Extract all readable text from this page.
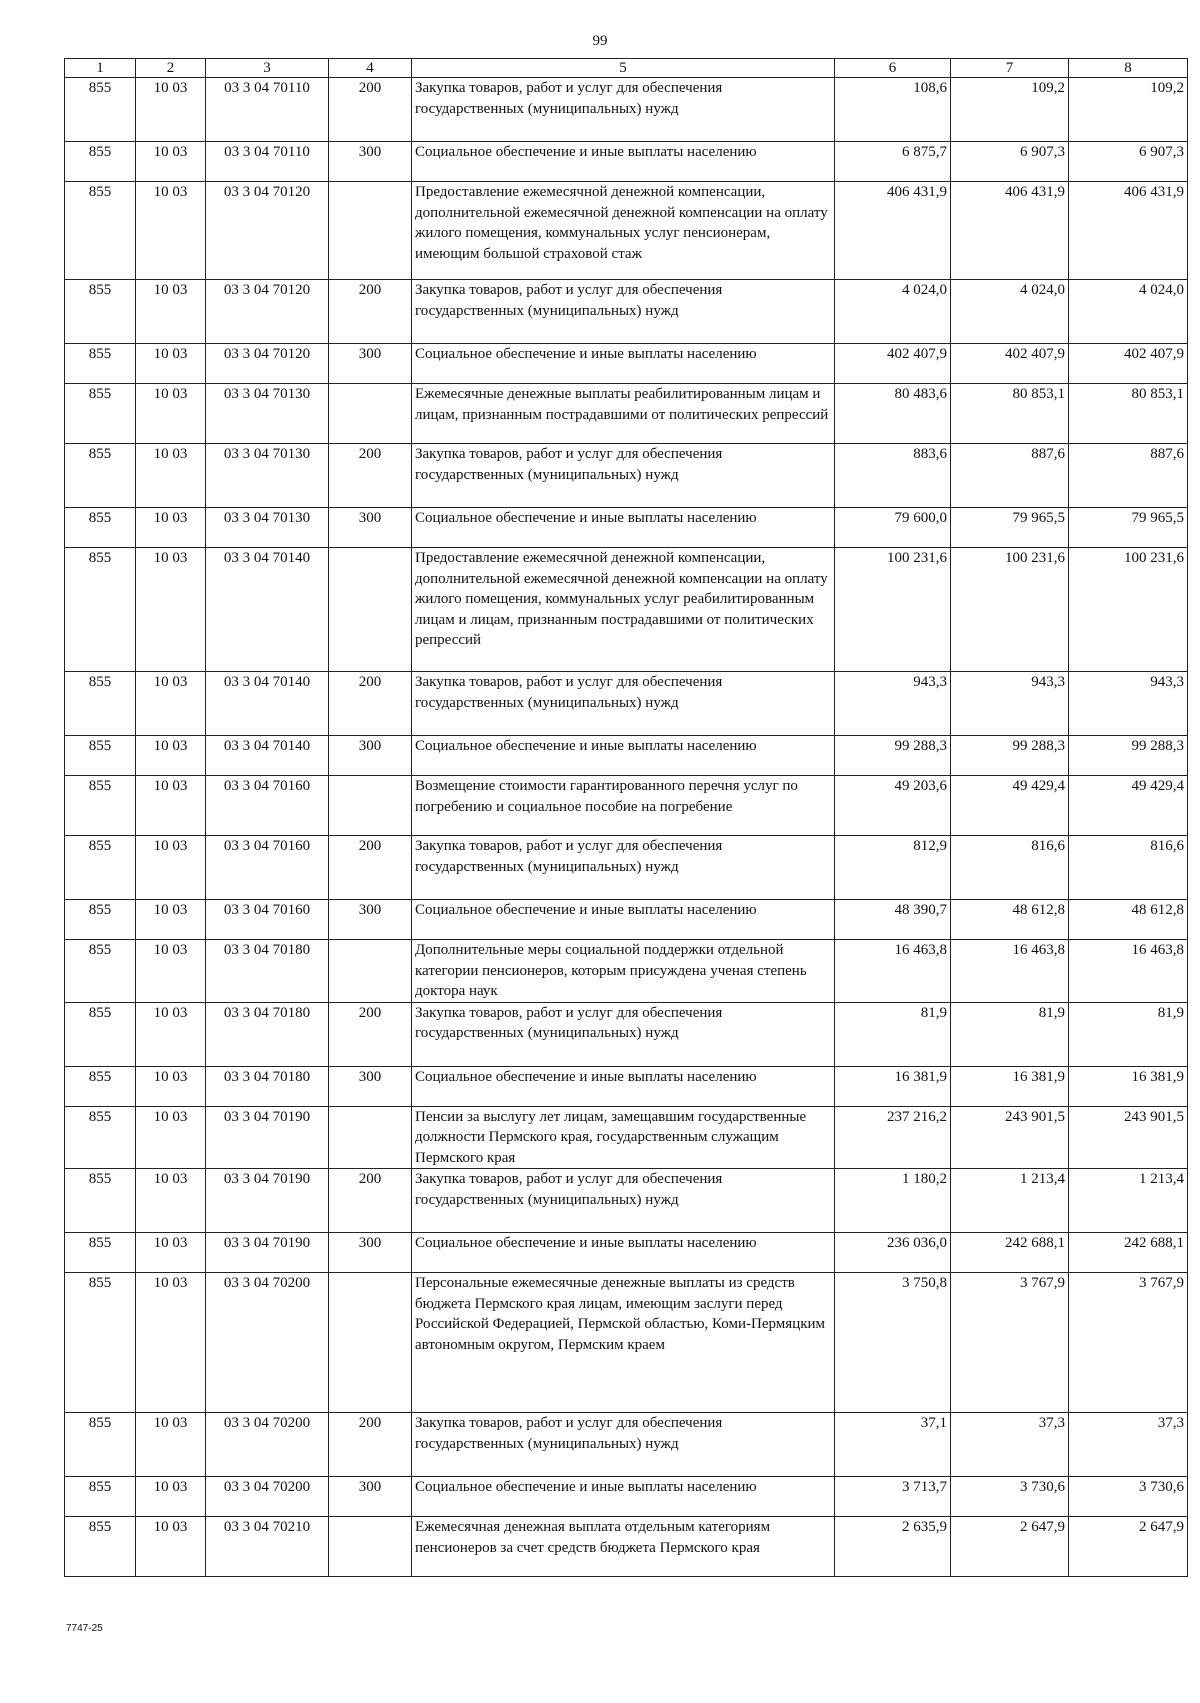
99
1	2	3	4	5	6	7	8
855	10 03	03 3 04 70110	200	Закупка товаров, работ и услуг для обеспечения государственных (муниципальных) нужд	108,6	109,2	109,2
855	10 03	03 3 04 70110	300	Социальное обеспечение и иные выплаты населению	6 875,7	6 907,3	6 907,3
855	10 03	03 3 04 70120		Предоставление ежемесячной денежной компенсации, дополнительной ежемесячной денежной компенсации на оплату жилого помещения, коммунальных услуг пенсионерам, имеющим большой страховой стаж	406 431,9	406 431,9	406 431,9
855	10 03	03 3 04 70120	200	Закупка товаров, работ и услуг для обеспечения государственных (муниципальных) нужд	4 024,0	4 024,0	4 024,0
855	10 03	03 3 04 70120	300	Социальное обеспечение и иные выплаты населению	402 407,9	402 407,9	402 407,9
855	10 03	03 3 04 70130		Ежемесячные денежные выплаты реабилитированным лицам и лицам, признанным пострадавшими от политических репрессий	80 483,6	80 853,1	80 853,1
855	10 03	03 3 04 70130	200	Закупка товаров, работ и услуг для обеспечения государственных (муниципальных) нужд	883,6	887,6	887,6
855	10 03	03 3 04 70130	300	Социальное обеспечение и иные выплаты населению	79 600,0	79 965,5	79 965,5
855	10 03	03 3 04 70140		Предоставление ежемесячной денежной компенсации, дополнительной ежемесячной денежной компенсации на оплату жилого помещения, коммунальных услуг реабилитированным лицам и лицам, признанным пострадавшими от политических репрессий	100 231,6	100 231,6	100 231,6
855	10 03	03 3 04 70140	200	Закупка товаров, работ и услуг для обеспечения государственных (муниципальных) нужд	943,3	943,3	943,3
855	10 03	03 3 04 70140	300	Социальное обеспечение и иные выплаты населению	99 288,3	99 288,3	99 288,3
855	10 03	03 3 04 70160		Возмещение стоимости гарантированного перечня услуг по погребению и социальное пособие на погребение	49 203,6	49 429,4	49 429,4
855	10 03	03 3 04 70160	200	Закупка товаров, работ и услуг для обеспечения государственных (муниципальных) нужд	812,9	816,6	816,6
855	10 03	03 3 04 70160	300	Социальное обеспечение и иные выплаты населению	48 390,7	48 612,8	48 612,8
855	10 03	03 3 04 70180		Дополнительные меры социальной поддержки отдельной категории пенсионеров, которым присуждена ученая степень доктора наук	16 463,8	16 463,8	16 463,8
855	10 03	03 3 04 70180	200	Закупка товаров, работ и услуг для обеспечения государственных (муниципальных) нужд	81,9	81,9	81,9
855	10 03	03 3 04 70180	300	Социальное обеспечение и иные выплаты населению	16 381,9	16 381,9	16 381,9
855	10 03	03 3 04 70190		Пенсии за выслугу лет лицам, замещавшим государственные должности Пермского края, государственным служащим Пермского края	237 216,2	243 901,5	243 901,5
855	10 03	03 3 04 70190	200	Закупка товаров, работ и услуг для обеспечения государственных (муниципальных) нужд	1 180,2	1 213,4	1 213,4
855	10 03	03 3 04 70190	300	Социальное обеспечение и иные выплаты населению	236 036,0	242 688,1	242 688,1
855	10 03	03 3 04 70200		Персональные ежемесячные денежные выплаты из средств бюджета Пермского края лицам, имеющим заслуги перед Российской Федерацией, Пермской областью, Коми-Пермяцким автономным округом, Пермским краем	3 750,8	3 767,9	3 767,9
855	10 03	03 3 04 70200	200	Закупка товаров, работ и услуг для обеспечения государственных (муниципальных) нужд	37,1	37,3	37,3
855	10 03	03 3 04 70200	300	Социальное обеспечение и иные выплаты населению	3 713,7	3 730,6	3 730,6
855	10 03	03 3 04 70210		Ежемесячная денежная выплата отдельным категориям пенсионеров за счет средств бюджета Пермского края	2 635,9	2 647,9	2 647,9
7747-25
